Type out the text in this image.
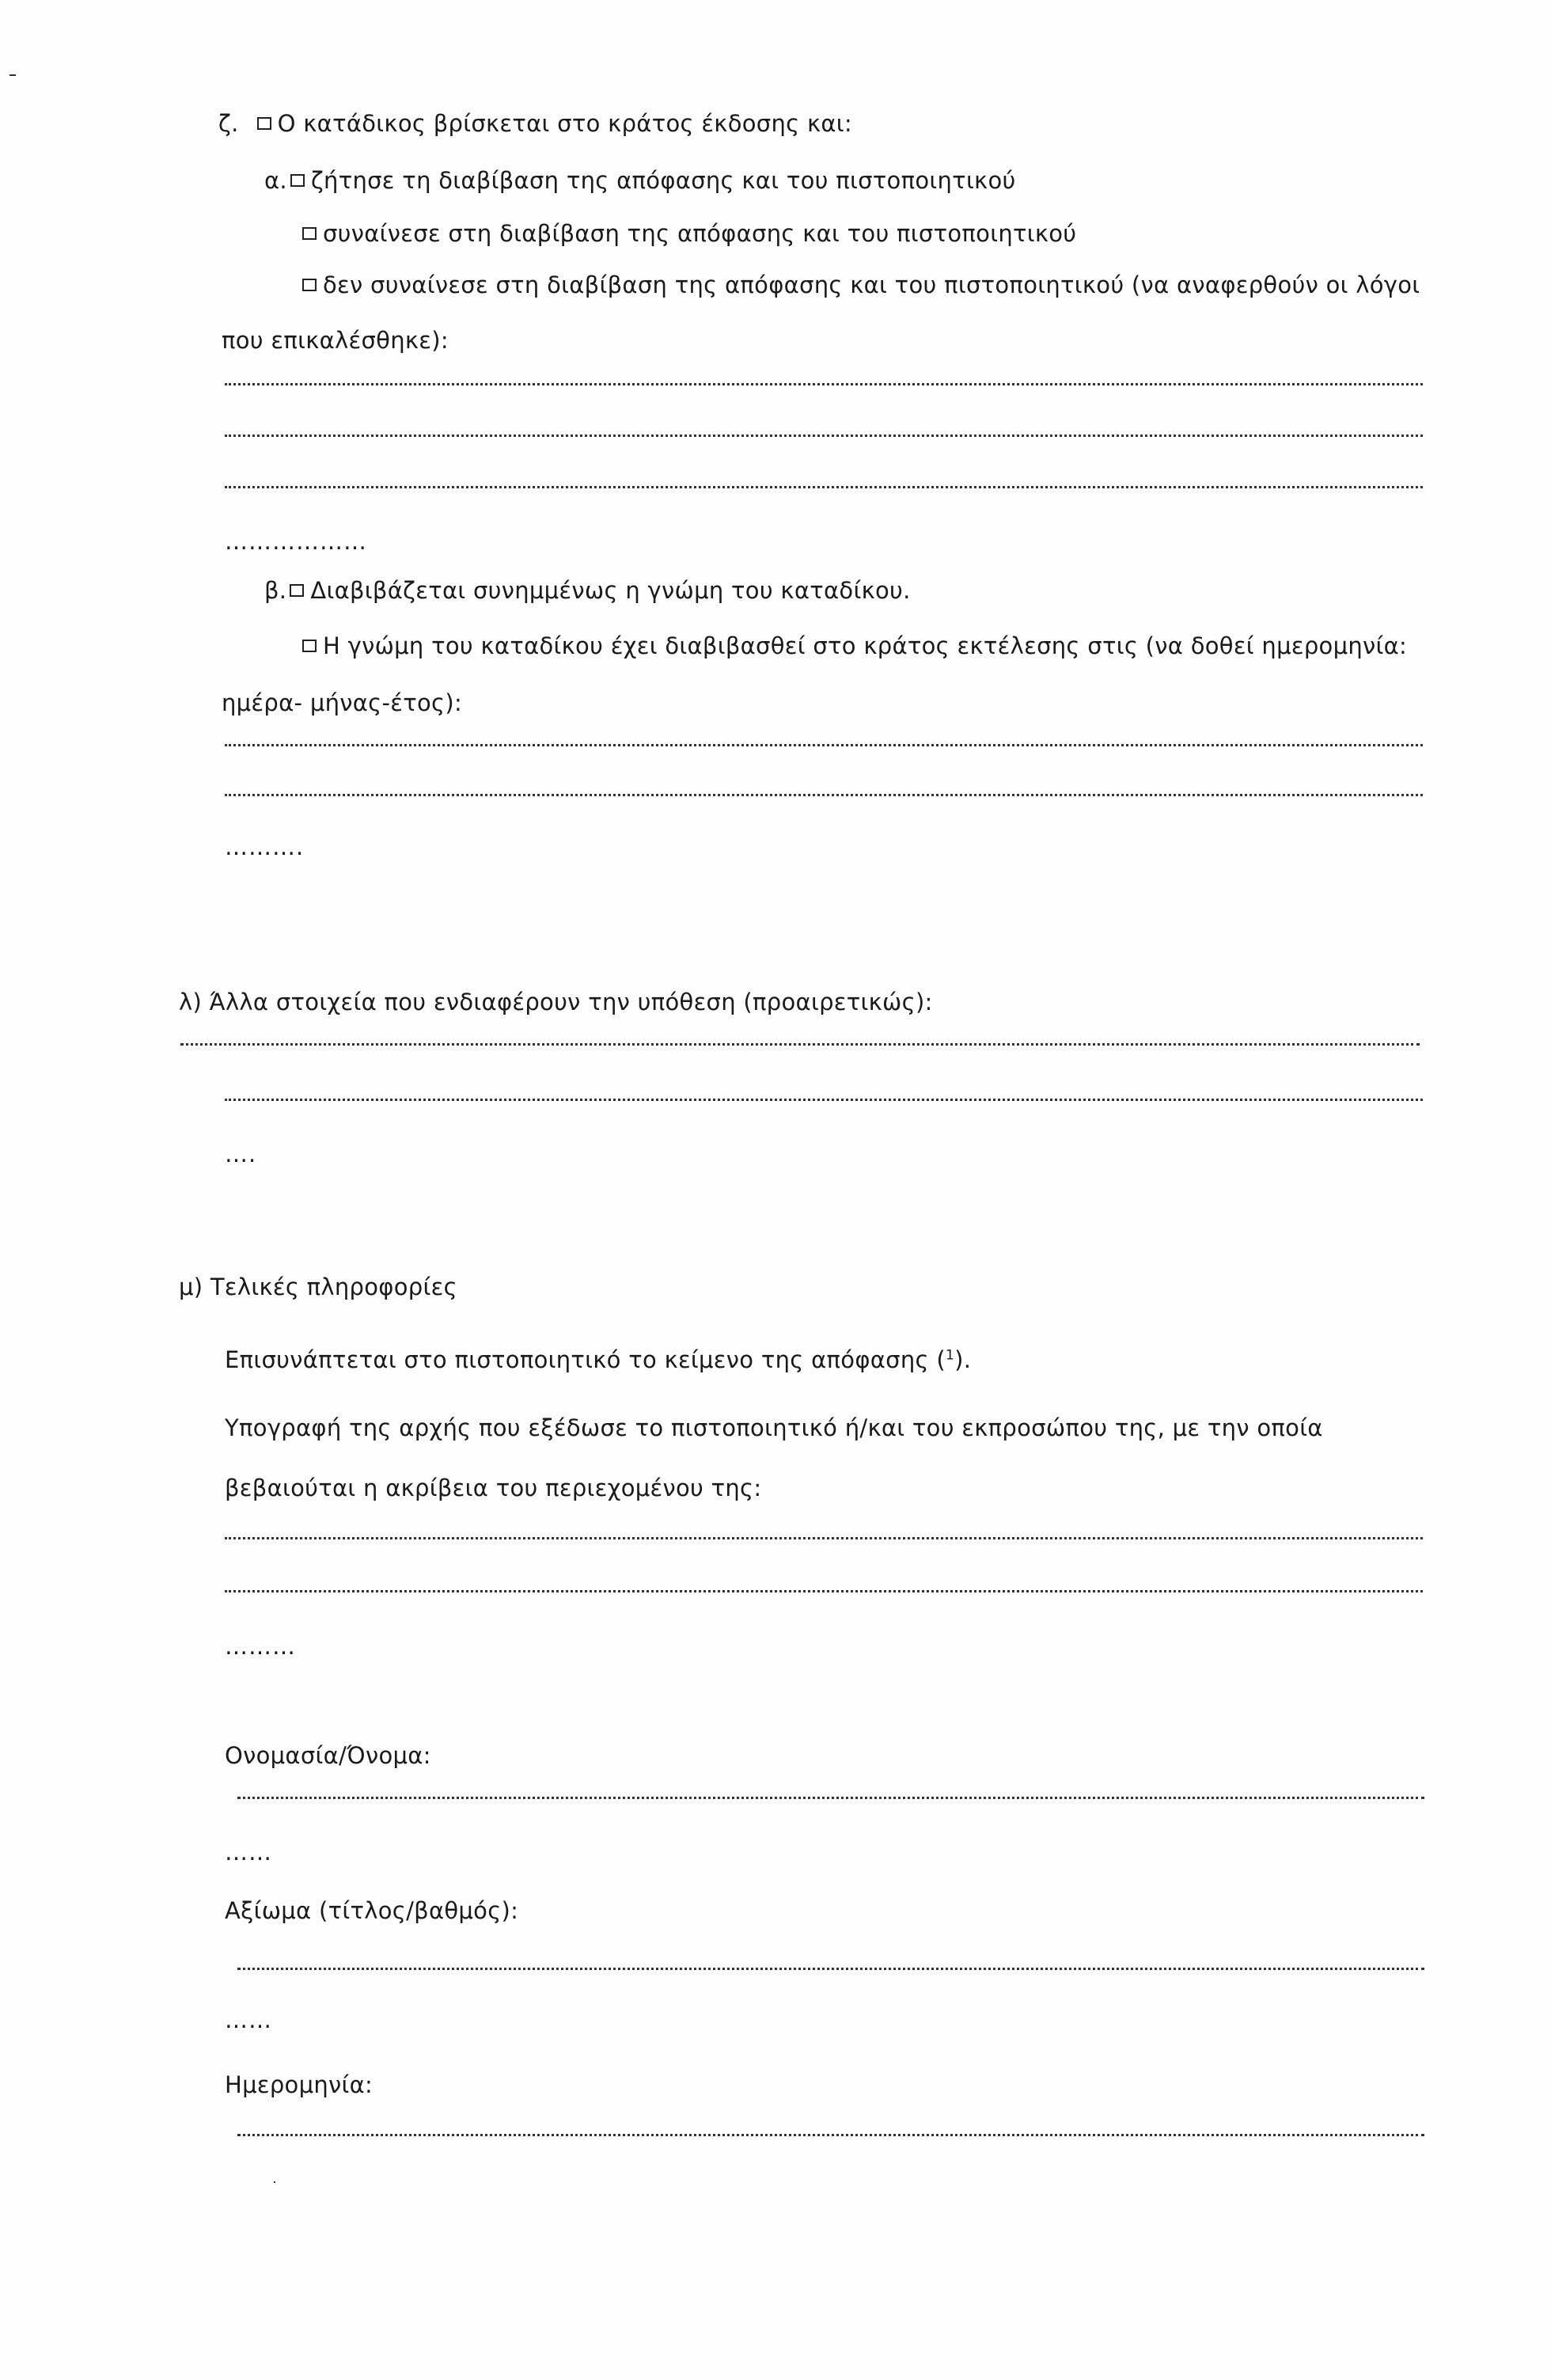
ζ. Ο κατάδικος βρίσκεται στο κράτος έκδοσης και:
α. ζήτησε τη διαβίβαση της απόφασης και του πιστοποιητικού
συναίνεσε στη διαβίβαση της απόφασης και του πιστοποιητικού
δεν συναίνεσε στη διαβίβαση της απόφασης και του πιστοποιητικού (να αναφερθούν οι λόγοι
που επικαλέσθηκε):
………………
β. Διαβιβάζεται συνημμένως η γνώμη του καταδίκου.
Η γνώμη του καταδίκου έχει διαβιβασθεί στο κράτος εκτέλεσης στις (να δοθεί ημερομηνία:
ημέρα- μήνας-έτος):
……….
λ) Άλλα στοιχεία που ενδιαφέρουν την υπόθεση (προαιρετικώς):
….
μ) Τελικές πληροφορίες
Επισυνάπτεται στο πιστοποιητικό το κείμενο της απόφασης ($^1$).
Υπογραφή της αρχής που εξέδωσε το πιστοποιητικό ή/και του εκπροσώπου της, με την οποία
βεβαιούται η ακρίβεια του περιεχομένου της:
………
Ονομασία/Όνομα:
……
Αξίωμα (τίτλος/βαθμός):
……
Ημερομηνία:
